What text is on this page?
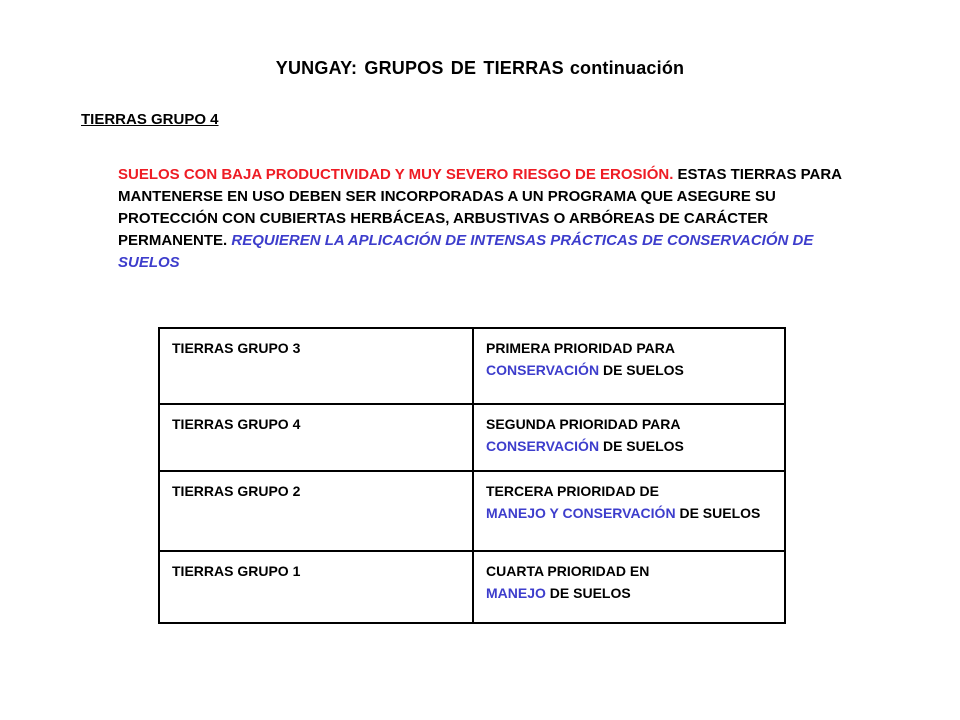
YUNGAY: GRUPOS DE TIERRAS continuación
TIERRAS GRUPO 4
SUELOS CON BAJA PRODUCTIVIDAD Y MUY SEVERO RIESGO DE EROSIÓN. ESTAS TIERRAS PARA MANTENERSE EN USO DEBEN SER INCORPORADAS A UN PROGRAMA QUE ASEGURE SU PROTECCIÓN CON CUBIERTAS HERBÁCEAS, ARBUSTIVAS O ARBÓREAS DE CARÁCTER PERMANENTE. REQUIEREN LA APLICACIÓN DE INTENSAS PRÁCTICAS DE CONSERVACIÓN DE SUELOS
TIERRAS GRUPO 3	PRIMERA PRIORIDAD PARA
CONSERVACIÓN DE SUELOS
TIERRAS GRUPO 4	SEGUNDA PRIORIDAD PARA
CONSERVACIÓN DE SUELOS
TIERRAS GRUPO 2	TERCERA PRIORIDAD DE
MANEJO Y CONSERVACIÓN DE SUELOS
TIERRAS GRUPO 1	CUARTA PRIORIDAD EN
MANEJO DE SUELOS
